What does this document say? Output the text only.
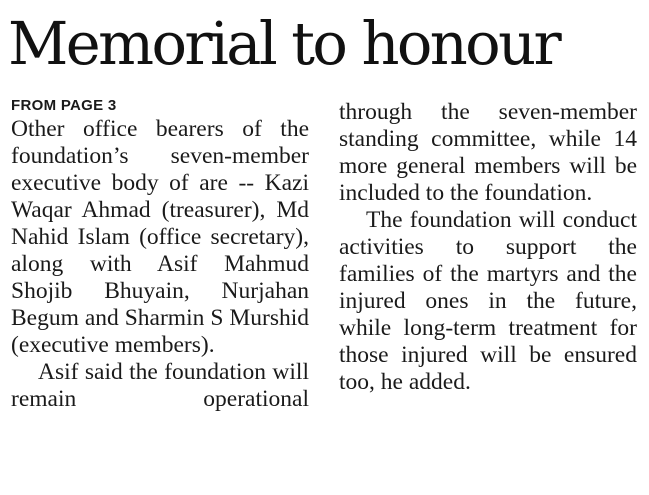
Memorial to honour
FROM PAGE 3

Other office bearers of the foundation’s seven-member executive body of are -- Kazi Waqar Ahmad (treasurer), Md Nahid Islam (office secretary), along with Asif Mahmud Shojib Bhuyain, Nurjahan Begum and Sharmin S Murshid (executive members).

Asif said the foundation will remain operational

through the seven-member standing committee, while 14 more general members will be included to the foundation.

The foundation will conduct activities to support the families of the martyrs and the injured ones in the future, while long-term treatment for those injured will be ensured too, he added.
